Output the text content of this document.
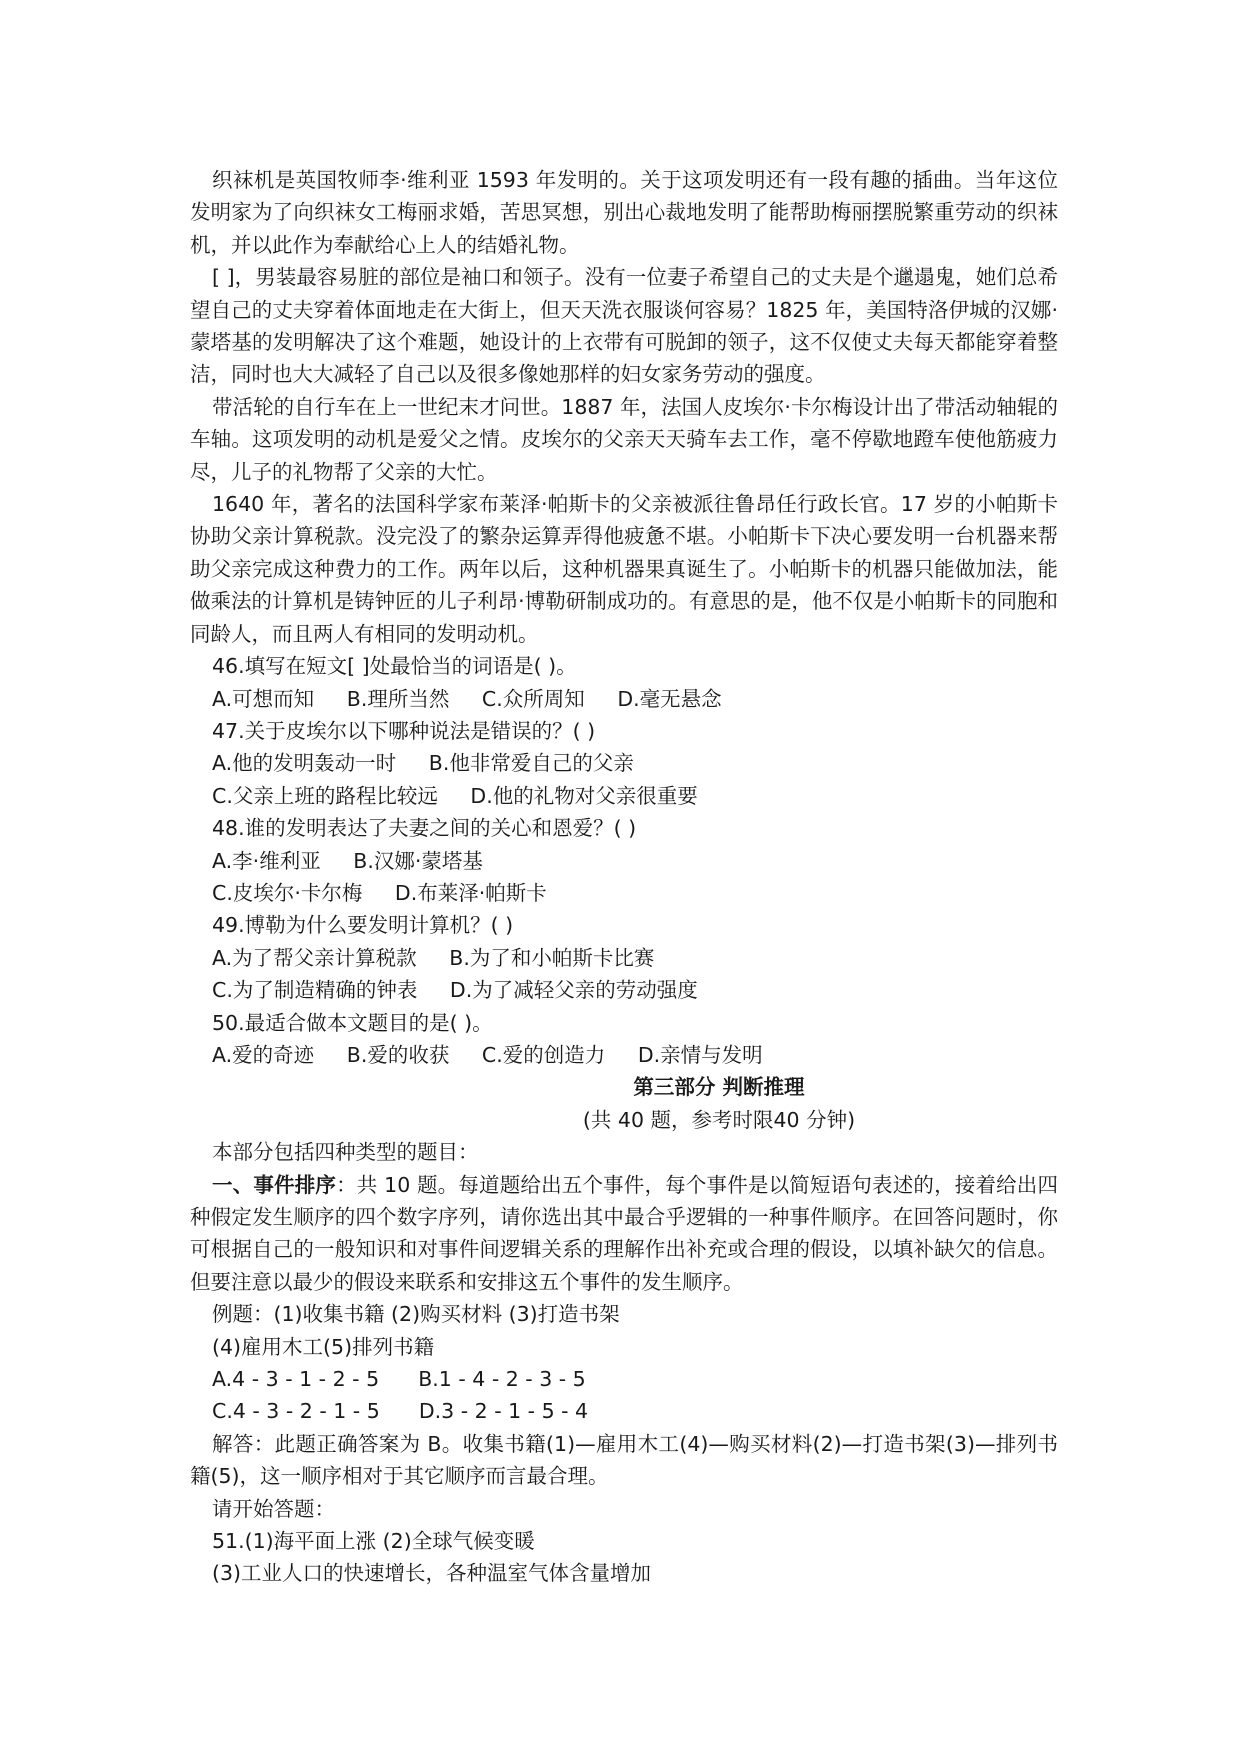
织袜机是英国牧师李·维利亚 1593 年发明的。关于这项发明还有一段有趣的插曲。当年这位发明家为了向织袜女工梅丽求婚，苦思冥想，别出心裁地发明了能帮助梅丽摆脱繁重劳动的织袜机，并以此作为奉献给心上人的结婚礼物。

[ ]，男装最容易脏的部位是袖口和领子。没有一位妻子希望自己的丈夫是个邋遢鬼，她们总希望自己的丈夫穿着体面地走在大街上，但天天洗衣服谈何容易？1825 年，美国特洛伊城的汉娜·蒙塔基的发明解决了这个难题，她设计的上衣带有可脱卸的领子，这不仅使丈夫每天都能穿着整洁，同时也大大减轻了自己以及很多像她那样的妇女家务劳动的强度。

带活轮的自行车在上一世纪末才问世。1887 年，法国人皮埃尔·卡尔梅设计出了带活动轴辊的车轴。这项发明的动机是爱父之情。皮埃尔的父亲天天骑车去工作，毫不停歇地蹬车使他筋疲力尽，儿子的礼物帮了父亲的大忙。

1640 年，著名的法国科学家布莱泽·帕斯卡的父亲被派往鲁昂任行政长官。17 岁的小帕斯卡协助父亲计算税款。没完没了的繁杂运算弄得他疲惫不堪。小帕斯卡下决心要发明一台机器来帮助父亲完成这种费力的工作。两年以后，这种机器果真诞生了。小帕斯卡的机器只能做加法，能做乘法的计算机是铸钟匠的儿子利昂·博勒研制成功的。有意思的是，他不仅是小帕斯卡的同胞和同龄人，而且两人有相同的发明动机。

46.填写在短文[ ]处最恰当的词语是( )。

A.可想而知     B.理所当然     C.众所周知     D.毫无悬念

47.关于皮埃尔以下哪种说法是错误的？( )

A.他的发明轰动一时     B.他非常爱自己的父亲

C.父亲上班的路程比较远     D.他的礼物对父亲很重要

48.谁的发明表达了夫妻之间的关心和恩爱？( )

A.李·维利亚     B.汉娜·蒙塔基

C.皮埃尔·卡尔梅     D.布莱泽·帕斯卡

49.博勒为什么要发明计算机？( )

A.为了帮父亲计算税款     B.为了和小帕斯卡比赛

C.为了制造精确的钟表     D.为了减轻父亲的劳动强度

50.最适合做本文题目的是( )。

A.爱的奇迹     B.爱的收获     C.爱的创造力     D.亲情与发明

第三部分 判断推理

(共 40 题，参考时限40 分钟)

本部分包括四种类型的题目：

一、事件排序：共 10 题。每道题给出五个事件，每个事件是以简短语句表述的，接着给出四种假定发生顺序的四个数字序列，请你选出其中最合乎逻辑的一种事件顺序。在回答问题时，你可根据自己的一般知识和对事件间逻辑关系的理解作出补充或合理的假设，以填补缺欠的信息。但要注意以最少的假设来联系和安排这五个事件的发生顺序。

例题：(1)收集书籍 (2)购买材料 (3)打造书架

(4)雇用木工(5)排列书籍

A.4 - 3 - 1 - 2 - 5      B.1 - 4 - 2 - 3 - 5

C.4 - 3 - 2 - 1 - 5      D.3 - 2 - 1 - 5 - 4

解答：此题正确答案为 B。收集书籍(1)—雇用木工(4)—购买材料(2)—打造书架(3)—排列书籍(5)，这一顺序相对于其它顺序而言最合理。

请开始答题：

51.(1)海平面上涨 (2)全球气候变暖

(3)工业人口的快速增长，各种温室气体含量增加
